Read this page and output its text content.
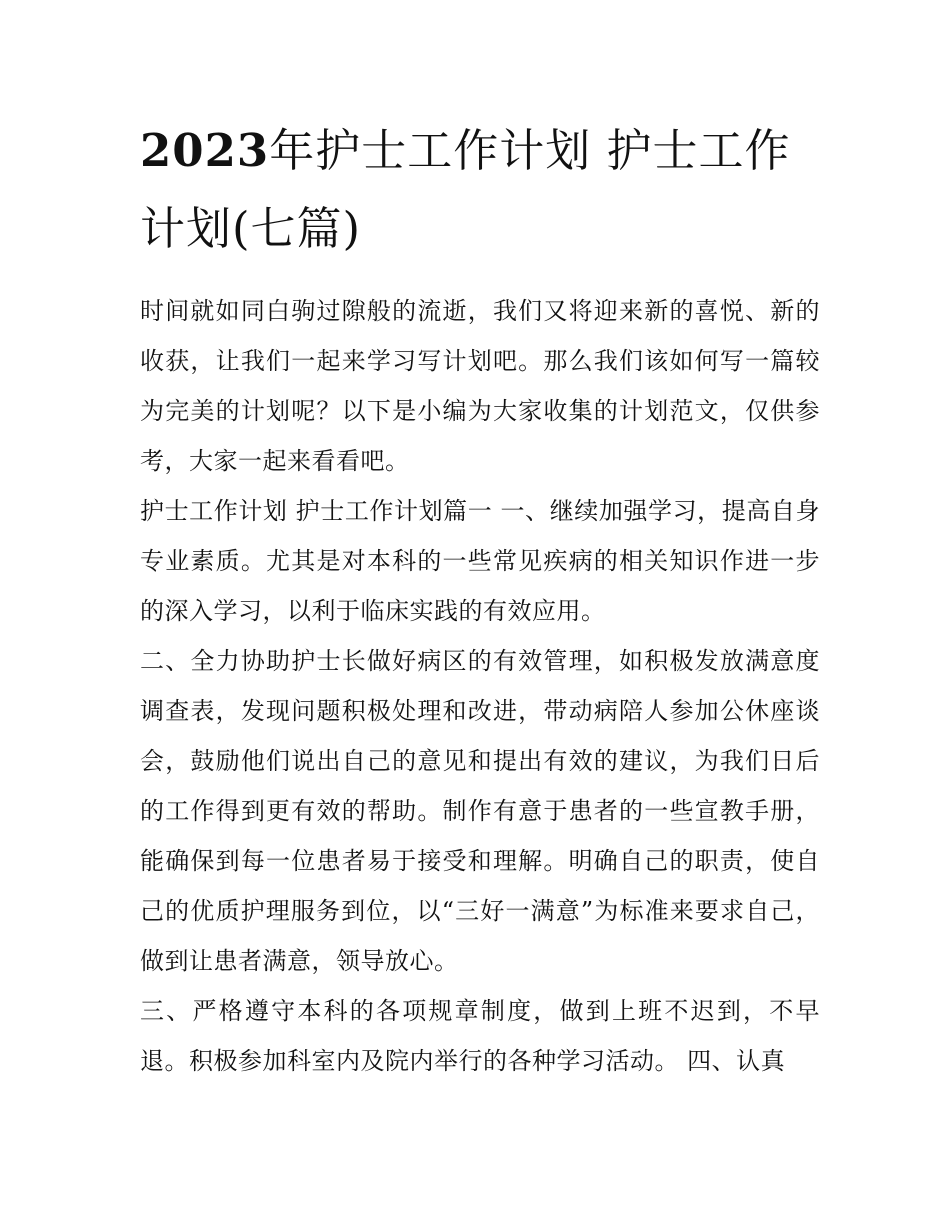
2023年护士工作计划 护士工作计划(七篇)

时间就如同白驹过隙般的流逝，我们又将迎来新的喜悦、新的收获，让我们一起来学习写计划吧。那么我们该如何写一篇较为完美的计划呢？以下是小编为大家收集的计划范文，仅供参考，大家一起来看看吧。

护士工作计划 护士工作计划篇一 一、继续加强学习，提高自身专业素质。尤其是对本科的一些常见疾病的相关知识作进一步的深入学习，以利于临床实践的有效应用。

二、全力协助护士长做好病区的有效管理，如积极发放满意度调查表，发现问题积极处理和改进，带动病陪人参加公休座谈会，鼓励他们说出自己的意见和提出有效的建议，为我们日后的工作得到更有效的帮助。制作有意于患者的一些宣教手册，能确保到每一位患者易于接受和理解。明确自己的职责，使自己的优质护理服务到位，以“三好一满意”为标准来要求自己，做到让患者满意，领导放心。

三、严格遵守本科的各项规章制度，做到上班不迟到，不早退。积极参加科室内及院内举行的各种学习活动。 四、认真
